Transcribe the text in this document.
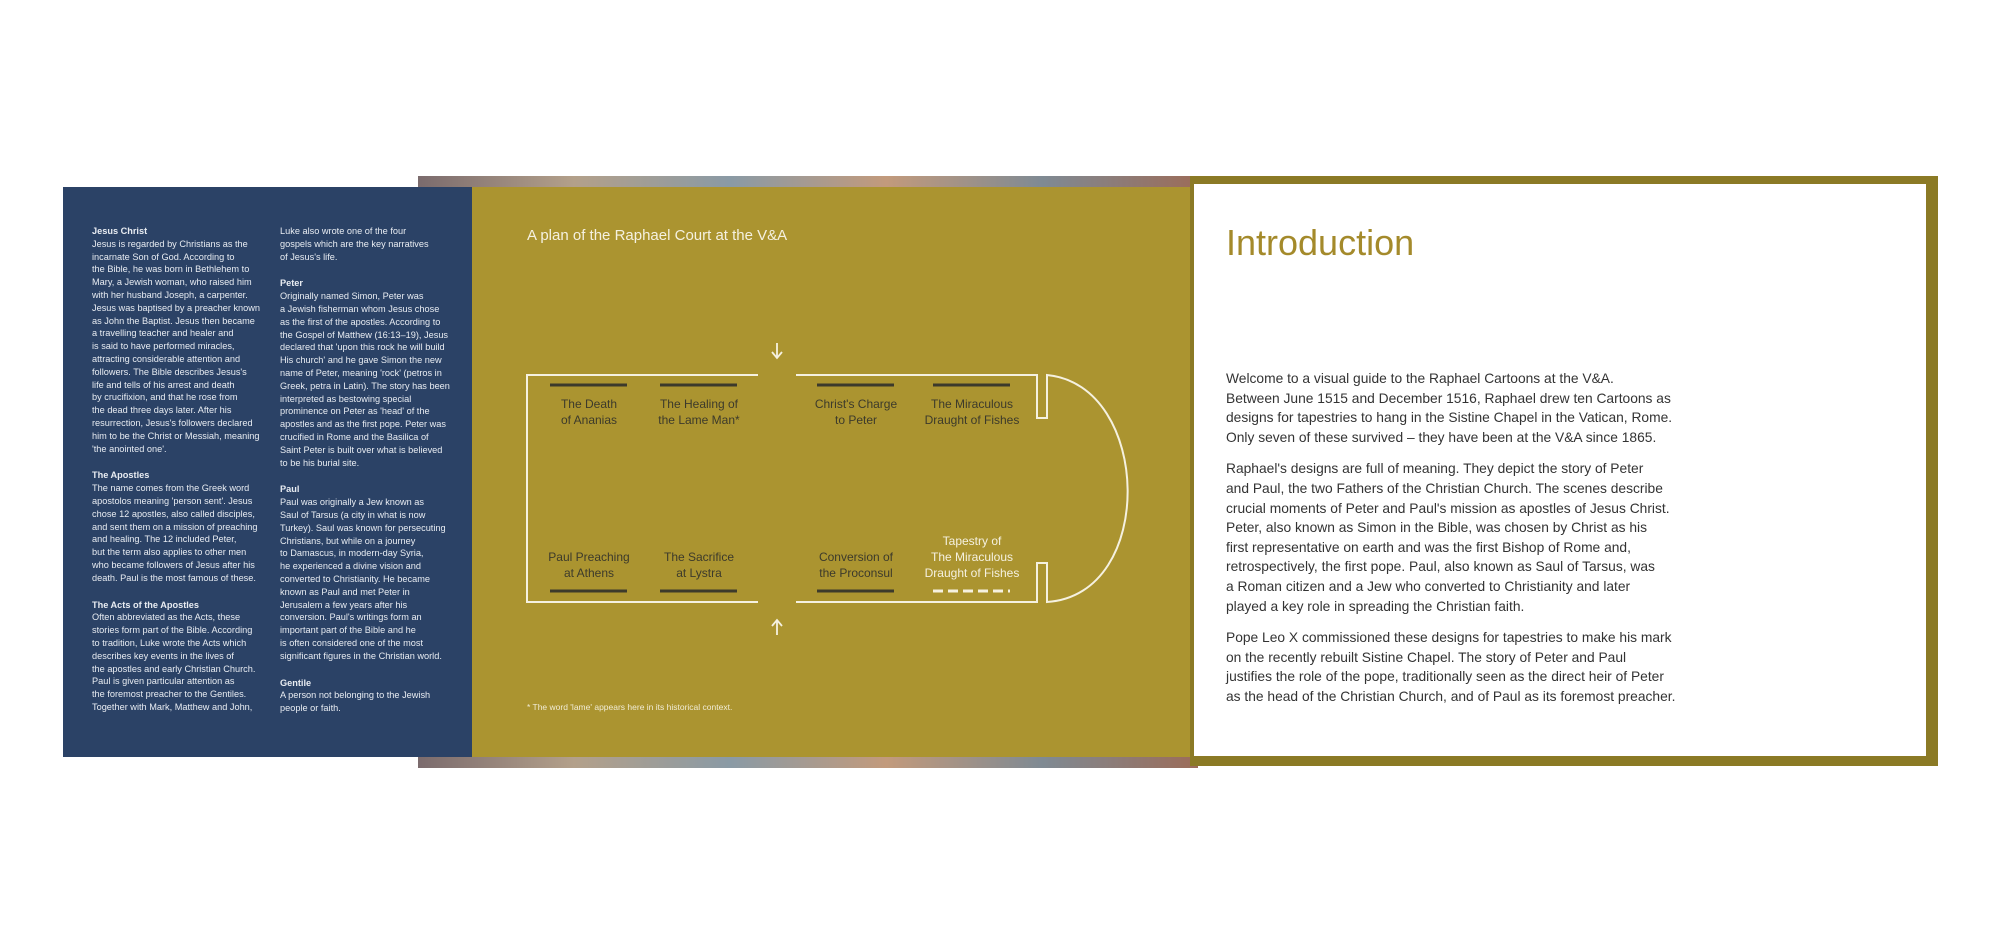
Jesus Christ
Jesus is regarded by Christians as the
incarnate Son of God. According to
the Bible, he was born in Bethlehem to
Mary, a Jewish woman, who raised him
with her husband Joseph, a carpenter.
Jesus was baptised by a preacher known
as John the Baptist. Jesus then became
a travelling teacher and healer and
is said to have performed miracles,
attracting considerable attention and
followers. The Bible describes Jesus's
life and tells of his arrest and death
by crucifixion, and that he rose from
the dead three days later. After his
resurrection, Jesus's followers declared
him to be the Christ or Messiah, meaning
'the anointed one'.
The Apostles
The name comes from the Greek word
apostolos meaning 'person sent'. Jesus
chose 12 apostles, also called disciples,
and sent them on a mission of preaching
and healing. The 12 included Peter,
but the term also applies to other men
who became followers of Jesus after his
death. Paul is the most famous of these.
The Acts of the Apostles
Often abbreviated as the Acts, these
stories form part of the Bible. According
to tradition, Luke wrote the Acts which
describes key events in the lives of
the apostles and early Christian Church.
Paul is given particular attention as
the foremost preacher to the Gentiles.
Together with Mark, Matthew and John,
Luke also wrote one of the four
gospels which are the key narratives
of Jesus's life.
Peter
Originally named Simon, Peter was
a Jewish fisherman whom Jesus chose
as the first of the apostles. According to
the Gospel of Matthew (16:13–19), Jesus
declared that 'upon this rock he will build
His church' and he gave Simon the new
name of Peter, meaning 'rock' (petros in
Greek, petra in Latin). The story has been
interpreted as bestowing special
prominence on Peter as 'head' of the
apostles and as the first pope. Peter was
crucified in Rome and the Basilica of
Saint Peter is built over what is believed
to be his burial site.
Paul
Paul was originally a Jew known as
Saul of Tarsus (a city in what is now
Turkey). Saul was known for persecuting
Christians, but while on a journey
to Damascus, in modern-day Syria,
he experienced a divine vision and
converted to Christianity. He became
known as Paul and met Peter in
Jerusalem a few years after his
conversion. Paul's writings form an
important part of the Bible and he
is often considered one of the most
significant figures in the Christian world.
Gentile
A person not belonging to the Jewish
people or faith.
A plan of the Raphael Court at the V&A
The Death
of Ananias
The Healing of
the Lame Man*
Christ's Charge
to Peter
The Miraculous
Draught of Fishes
Paul Preaching
at Athens
The Sacrifice
at Lystra
Conversion of
the Proconsul
Tapestry of
The Miraculous
Draught of Fishes
* The word 'lame' appears here in its historical context.
Introduction

Welcome to a visual guide to the Raphael Cartoons at the V&A.
Between June 1515 and December 1516, Raphael drew ten Cartoons as
designs for tapestries to hang in the Sistine Chapel in the Vatican, Rome.
Only seven of these survived – they have been at the V&A since 1865.

Raphael's designs are full of meaning. They depict the story of Peter
and Paul, the two Fathers of the Christian Church. The scenes describe
crucial moments of Peter and Paul's mission as apostles of Jesus Christ.
Peter, also known as Simon in the Bible, was chosen by Christ as his
first representative on earth and was the first Bishop of Rome and,
retrospectively, the first pope. Paul, also known as Saul of Tarsus, was
a Roman citizen and a Jew who converted to Christianity and later
played a key role in spreading the Christian faith.

Pope Leo X commissioned these designs for tapestries to make his mark
on the recently rebuilt Sistine Chapel. The story of Peter and Paul
justifies the role of the pope, traditionally seen as the direct heir of Peter
as the head of the Christian Church, and of Paul as its foremost preacher.
